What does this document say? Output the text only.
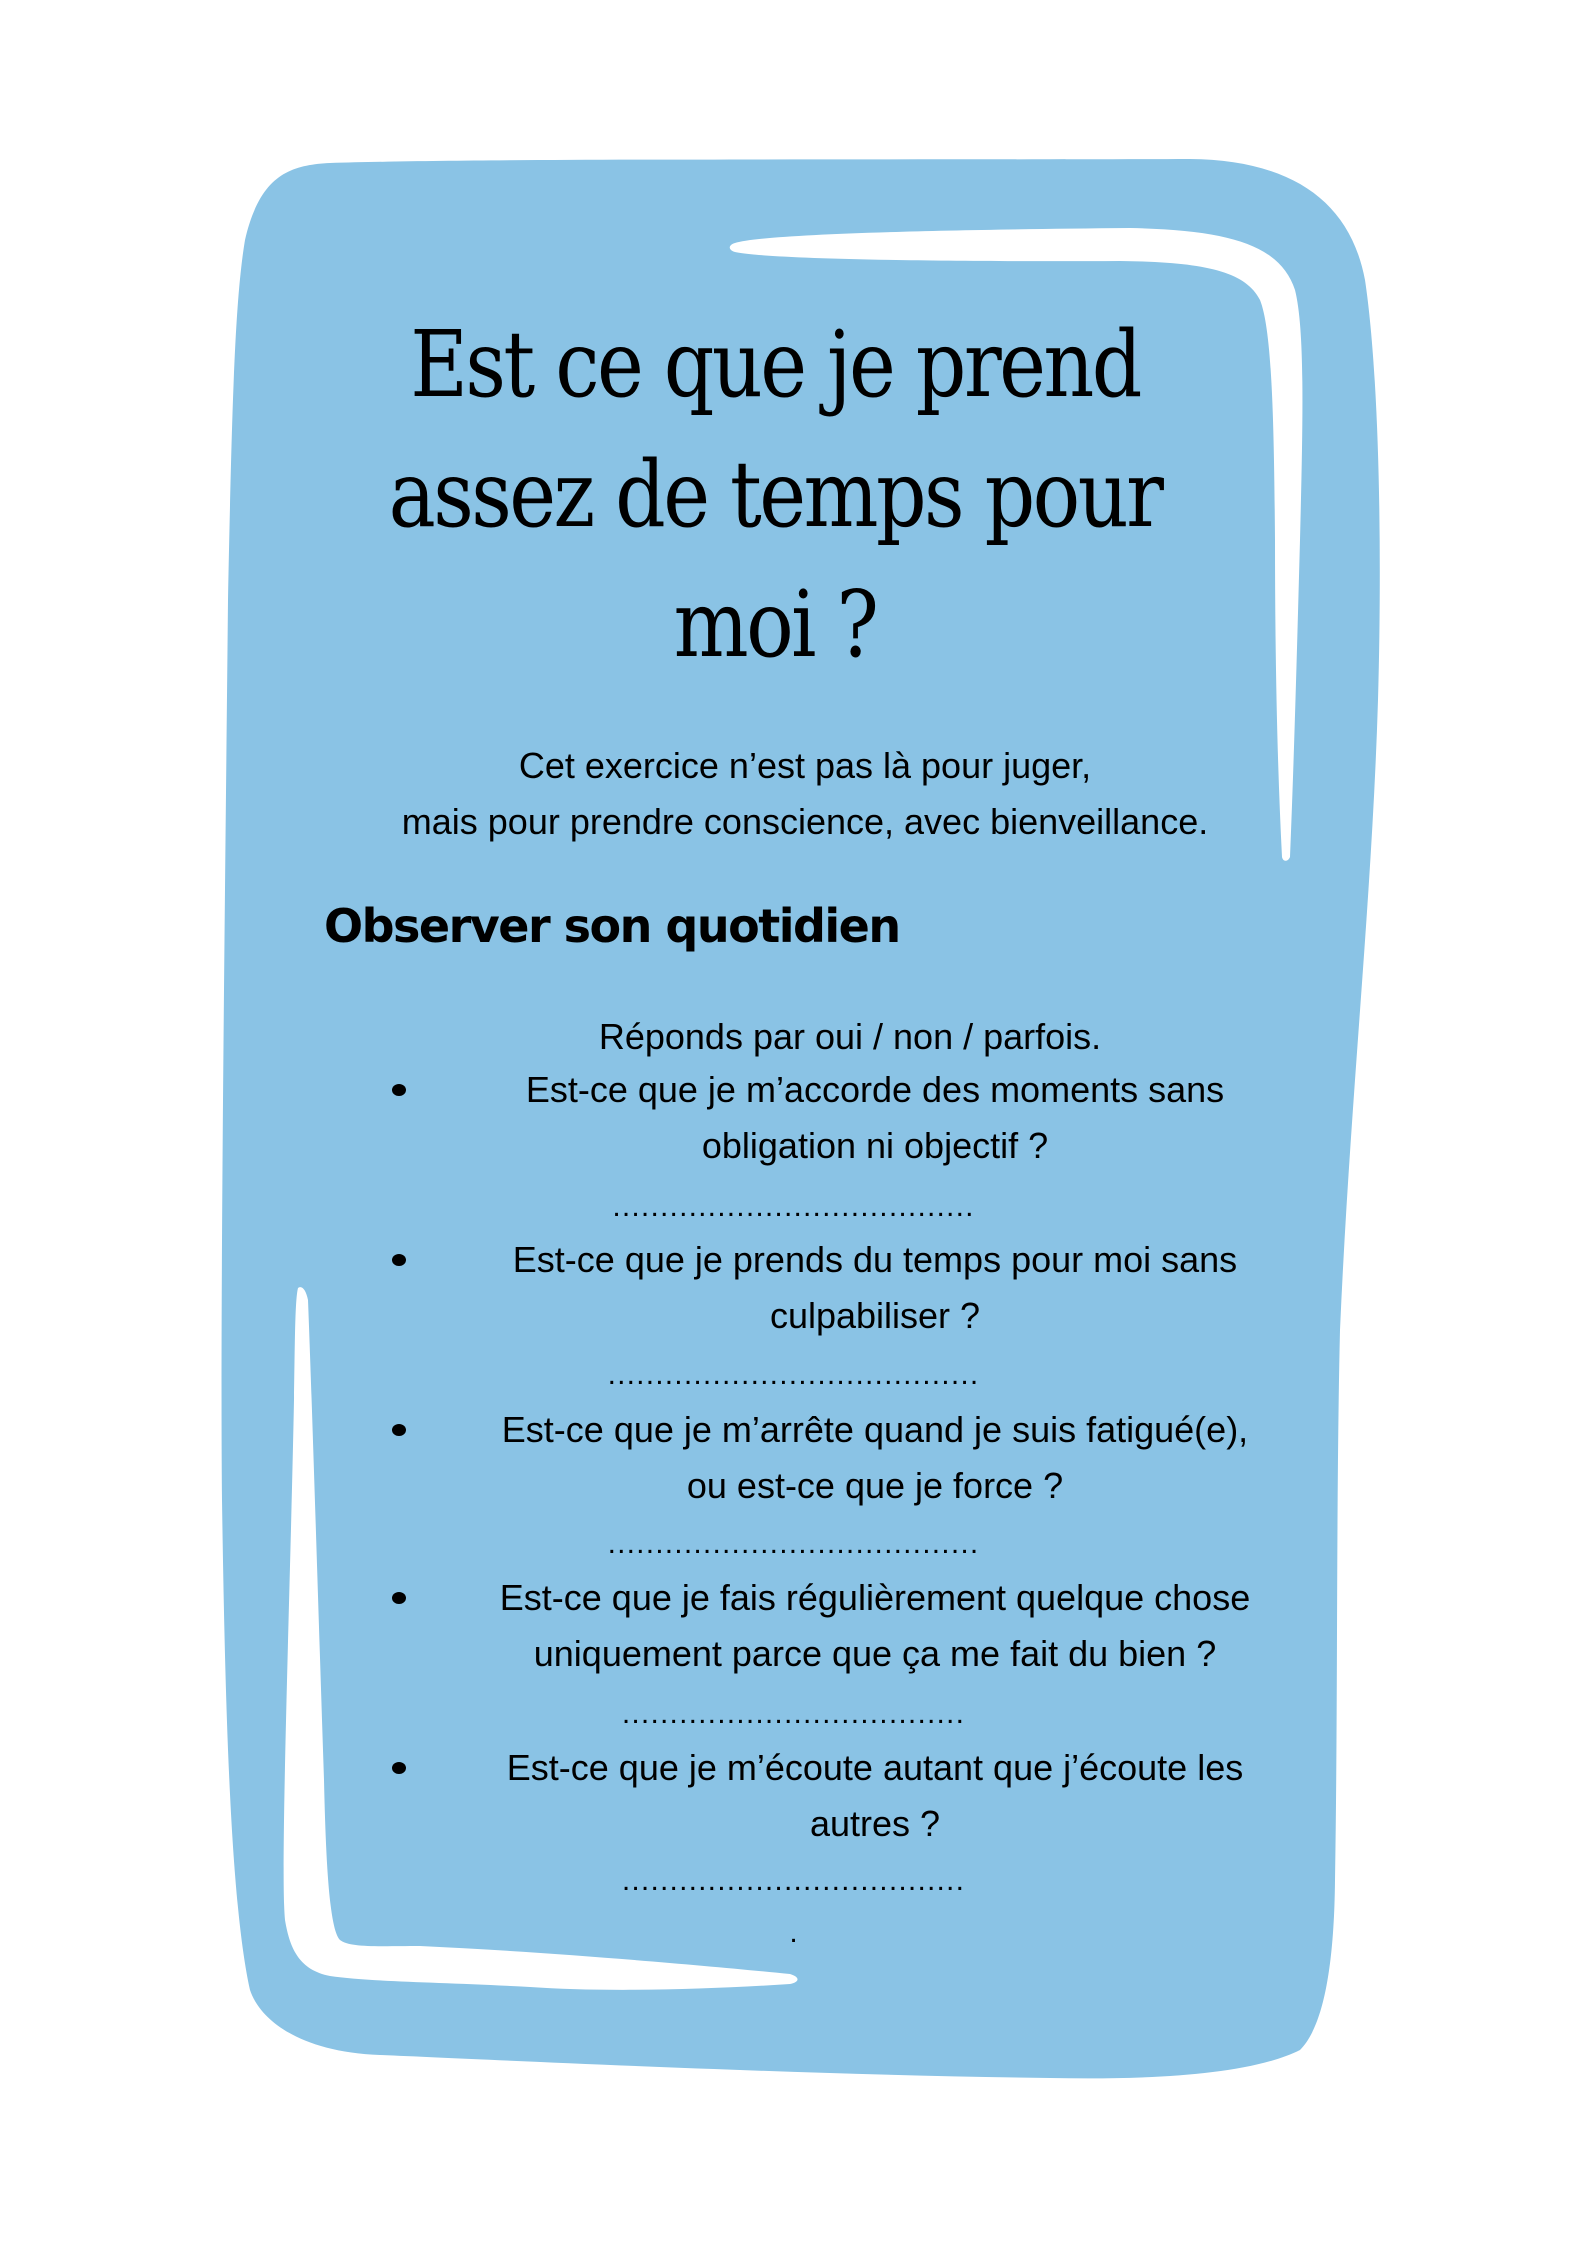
Est ce que je prend
assez de temps pour
moi ?
Cet exercice n’est pas là pour juger,
mais pour prendre conscience, avec bienveillance.
Observer son quotidien
Réponds par oui / non / parfois.
Est-ce que je m’accorde des moments sans
obligation ni objectif ?
......................................
Est-ce que je prends du temps pour moi sans
culpabiliser ?
.......................................
Est-ce que je m’arrête quand je suis fatigué(e),
ou est-ce que je force ?
.......................................
Est-ce que je fais régulièrement quelque chose
uniquement parce que ça me fait du bien ?
....................................
Est-ce que je m’écoute autant que j’écoute les
autres ?
....................................
.
